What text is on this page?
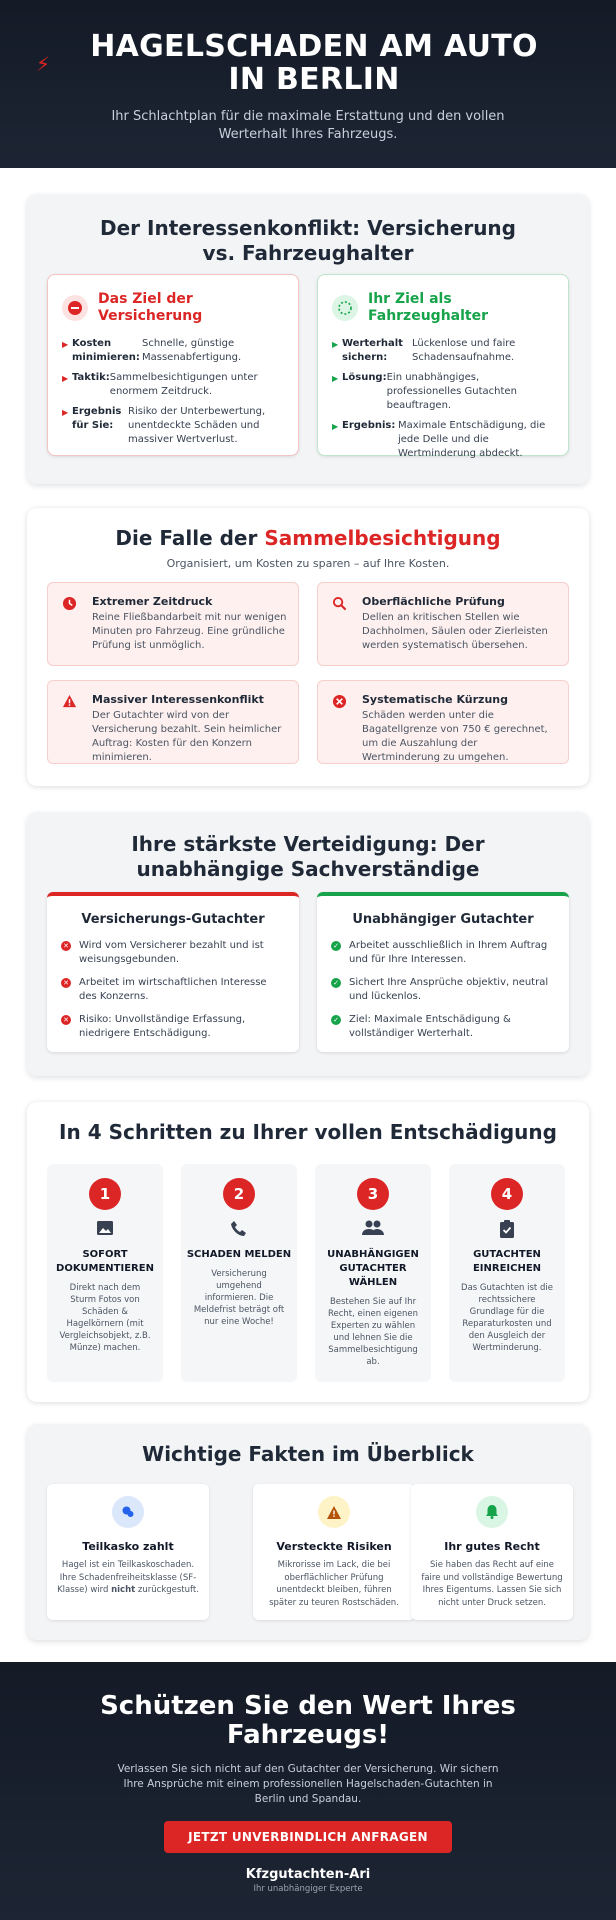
⚡	HAGELSCHADEN AM AUTO IN BERLIN

Ihr Schlachtplan für die maximale Erstattung und den vollen Werterhalt Ihres Fahrzeugs.

Der Interessenkonflikt: Versicherung vs. Fahrzeughalter
Das Ziel der Versicherung
▶ Kosten minimieren:
Schnelle, günstige Massenabfertigung.
▶ Taktik: Sammelbesichtigungen unter enormem Zeitdruck.
▶ Ergebnis für Sie:
Risiko der Unterbewertung, unentdeckte Schäden und massiver Wertverlust.
Ihr Ziel als Fahrzeughalter
▶ Werterhalt sichern:
Lückenlose und faire Schadensaufnahme.
▶ Lösung: Ein unabhängiges, professionelles Gutachten beauftragen.
▶ Ergebnis: Maximale Entschädigung, die jede Delle und die Wertminderung abdeckt.
Die Falle der Sammelbesichtigung
Organisiert, um Kosten zu sparen – auf Ihre Kosten.
Extremer Zeitdruck
Reine Fließbandarbeit mit nur wenigen Minuten pro Fahrzeug. Eine gründliche Prüfung ist unmöglich.
Oberflächliche Prüfung
Dellen an kritischen Stellen wie Dachholmen, Säulen oder Zierleisten werden systematisch übersehen.
Massiver Interessenkonflikt
Der Gutachter wird von der Versicherung bezahlt. Sein heimlicher Auftrag: Kosten für den Konzern minimieren.
Systematische Kürzung
Schäden werden unter die Bagatellgrenze von 750 € gerechnet, um die Auszahlung der Wertminderung zu umgehen.
Ihre stärkste Verteidigung: Der unabhängige Sachverständige
Versicherungs-Gutachter
✕ Wird vom Versicherer bezahlt und ist weisungsgebunden.
✕ Arbeitet im wirtschaftlichen Interesse des Konzerns.
✕ Risiko: Unvollständige Erfassung, niedrigere Entschädigung.
Unabhängiger Gutachter
✓ Arbeitet ausschließlich in Ihrem Auftrag und für Ihre Interessen.
✓ Sichert Ihre Ansprüche objektiv, neutral und lückenlos.
✓ Ziel: Maximale Entschädigung & vollständiger Werterhalt.
In 4 Schritten zu Ihrer vollen Entschädigung
1
SOFORT DOKUMENTIEREN
Direkt nach dem Sturm Fotos von Schäden & Hagelkörnern (mit Vergleichsobjekt, z.B. Münze) machen.
2
SCHADEN MELDEN
Versicherung umgehend informieren. Die Meldefrist beträgt oft nur eine Woche!
3
UNABHÄNGIGEN GUTACHTER WÄHLEN
Bestehen Sie auf Ihr Recht, einen eigenen Experten zu wählen und lehnen Sie die Sammelbesichtigung ab.
4
GUTACHTEN EINREICHEN
Das Gutachten ist die rechtssichere Grundlage für die Reparaturkosten und den Ausgleich der Wertminderung.
Wichtige Fakten im Überblick
Teilkasko zahlt
Hagel ist ein Teilkaskoschaden. Ihre Schadenfreiheitsklasse (SF-Klasse) wird nicht zurückgestuft.
Versteckte Risiken
Mikrorisse im Lack, die bei oberflächlicher Prüfung unentdeckt bleiben, führen später zu teuren Rostschäden.
Ihr gutes Recht
Sie haben das Recht auf eine faire und vollständige Bewertung Ihres Eigentums. Lassen Sie sich nicht unter Druck setzen.
Schützen Sie den Wert Ihres Fahrzeugs!

Verlassen Sie sich nicht auf den Gutachter der Versicherung. Wir sichern Ihre Ansprüche mit einem professionellen Hagelschaden-Gutachten in Berlin und Spandau.

JETZT UNVERBINDLICH ANFRAGEN
Kfzgutachten-Ari
Ihr unabhängiger Experte
